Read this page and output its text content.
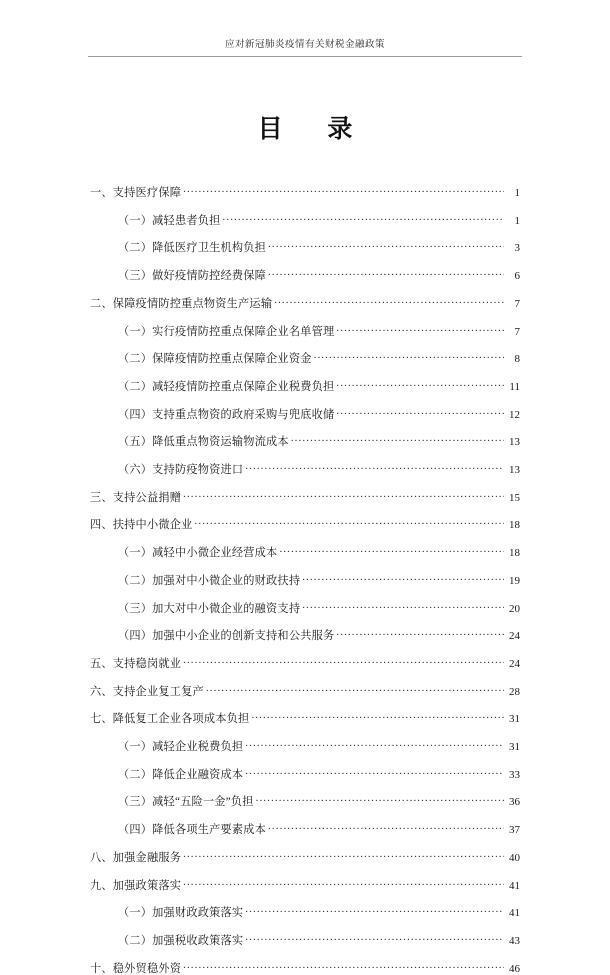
应对新冠肺炎疫情有关财税金融政策
目 录
一、支持医疗保障 .....	1
（一）减轻患者负担 .....	1
（二）降低医疗卫生机构负担 .....	3
（三）做好疫情防控经费保障 .....	6
二、保障疫情防控重点物资生产运输 .....	7
（一）实行疫情防控重点保障企业名单管理 .....	7
（二）保障疫情防控重点保障企业资金 .....	8
（二）减轻疫情防控重点保障企业税费负担 .....	11
（四）支持重点物资的政府采购与兜底收储 .....	12
（五）降低重点物资运输物流成本 .....	13
（六）支持防疫物资进口 .....	13
三、支持公益捐赠 .....	15
四、扶持中小微企业 .....	18
（一）减轻中小微企业经营成本 .....	18
（二）加强对中小微企业的财政扶持 .....	19
（三）加大对中小微企业的融资支持 .....	20
（四）加强中小企业的创新支持和公共服务 .....	24
五、支持稳岗就业 .....	24
六、支持企业复工复产 .....	28
七、降低复工企业各项成本负担 .....	31
（一）减轻企业税费负担 .....	31
（二）降低企业融资成本 .....	33
（三）减轻“五险一金”负担 .....	36
（四）降低各项生产要素成本 .....	37
八、加强金融服务 .....	40
九、加强政策落实 .....	41
（一）加强财政政策落实 .....	41
（二）加强税收政策落实 .....	43
十、稳外贸稳外资 .....	46
